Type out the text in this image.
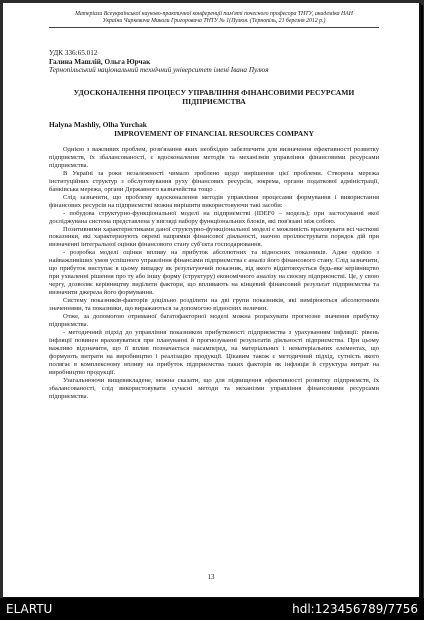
Матеріали Всеукраїнської науково-практичної конференції пам'яті почесного професора ТНТУ, академіка НАН
України Чиркевича Миколи Григоровича ТНТУ № 1(Пулюя. (Тернопіль, 21 березня 2012 р.)
УДК 336:65.012
Галина Машлій, Ольга Юрчак
Тернопільський національний технічний університет імені Івана Пулюя
УДОСКОНАЛЕННЯ ПРОЦЕСУ УПРАВЛІННЯ ФІНАНСОВИМИ РЕСУРСАМИ ПІДПРИЄМСТВА
Halyna Mashliy, Olha Yurchak
IMPROVEMENT OF FINANCIAL RESOURCES COMPANY

Однією з важливих проблем, розв'язання яких необхідно забезпечити для визначення ефективності розвитку підприємств, їх збалансованості, є вдосконалення методів та механізмів управління фінансовими ресурсами підприємства.

В Україні за роки незалежності чимало зроблено щодо вирішення цієї проблеми. Створена мережа інституційних структур з обслуговування руху фінансових ресурсів, зокрема, органи податкової адміністрації, банківська мережа, органи Державного казначейства тощо .

Слід зазначити, що проблему вдосконалення методів управління процесами формування і використання фінансових ресурсів на підприємстві можна вирішити використовуючи такі засоби:

- побудова структурно-функціональної моделі на підприємстві (IDEF0 – модель); при застосуванні якої досліджувана система представлена у вигляді набору функціональних блоків, які пов'язані між собою.

Позитивними характеристиками даної структурно-функціональної моделі є можливість враховувати всі часткові показники, які характеризують окремі напрямки фінансової діяльності, наочно проілюструвати порядок дій при визначенні інтегральної оцінки фінансового стану суб'єкта господарювання.

- розробка моделі оцінки впливу на прибуток абсолютних та відносних показників. Адже однією з найважливіших умов успішного управління фінансами підприємства є аналіз його фінансового стану. Слід зазначити, що прибуток виступає в цьому випадку як результуючий показник, від якого відштовхується будь-яке керівництво при ухваленні рішення про ту або іншу форму (структуру) економічного аналізу на своєму підприємстві. Це, у свою чергу, дозволяє керівництву виділити фактори, що впливають на кінцевий фінансовий результат підприємства та визначити джерела його формування.

Систему показників-факторів доцільно розділити на дві групи показників, які вимірюються абсолютними значеннями, та показники, що виражаються за допомогою відносних величин.

Отже, за допомогою отриманої багатофакторної моделі можна розрахувати прогнозне значення прибутку підприємства.

- методичний підхід до управління показником прибутковості підприємства з урахуванням інфляції: рівень інфляції повинен враховуватися при плануванні й прогнозуванні результатів діяльності підприємства. При цьому важливо відзначити, що її вплив позначається насамперед, на матеріальних і нематеріальних елементах, що формують витрати на виробництво і реалізацію продукції. Цікавим також є методичний підхід, сутність якого полягає в комплексному впливу на прибуток підприємства таких факторів як інфляція й структура витрат на виробництво продукції.

Узагальнюючи вищевикладене, можна сказати, що для підвищення ефективності розвитку підприємств, їх збалансованості, слід використовувати сучасні методи та механізми управління фінансовими ресурсами підприємства.

13
ELARTU	hdl:123456789/7756
